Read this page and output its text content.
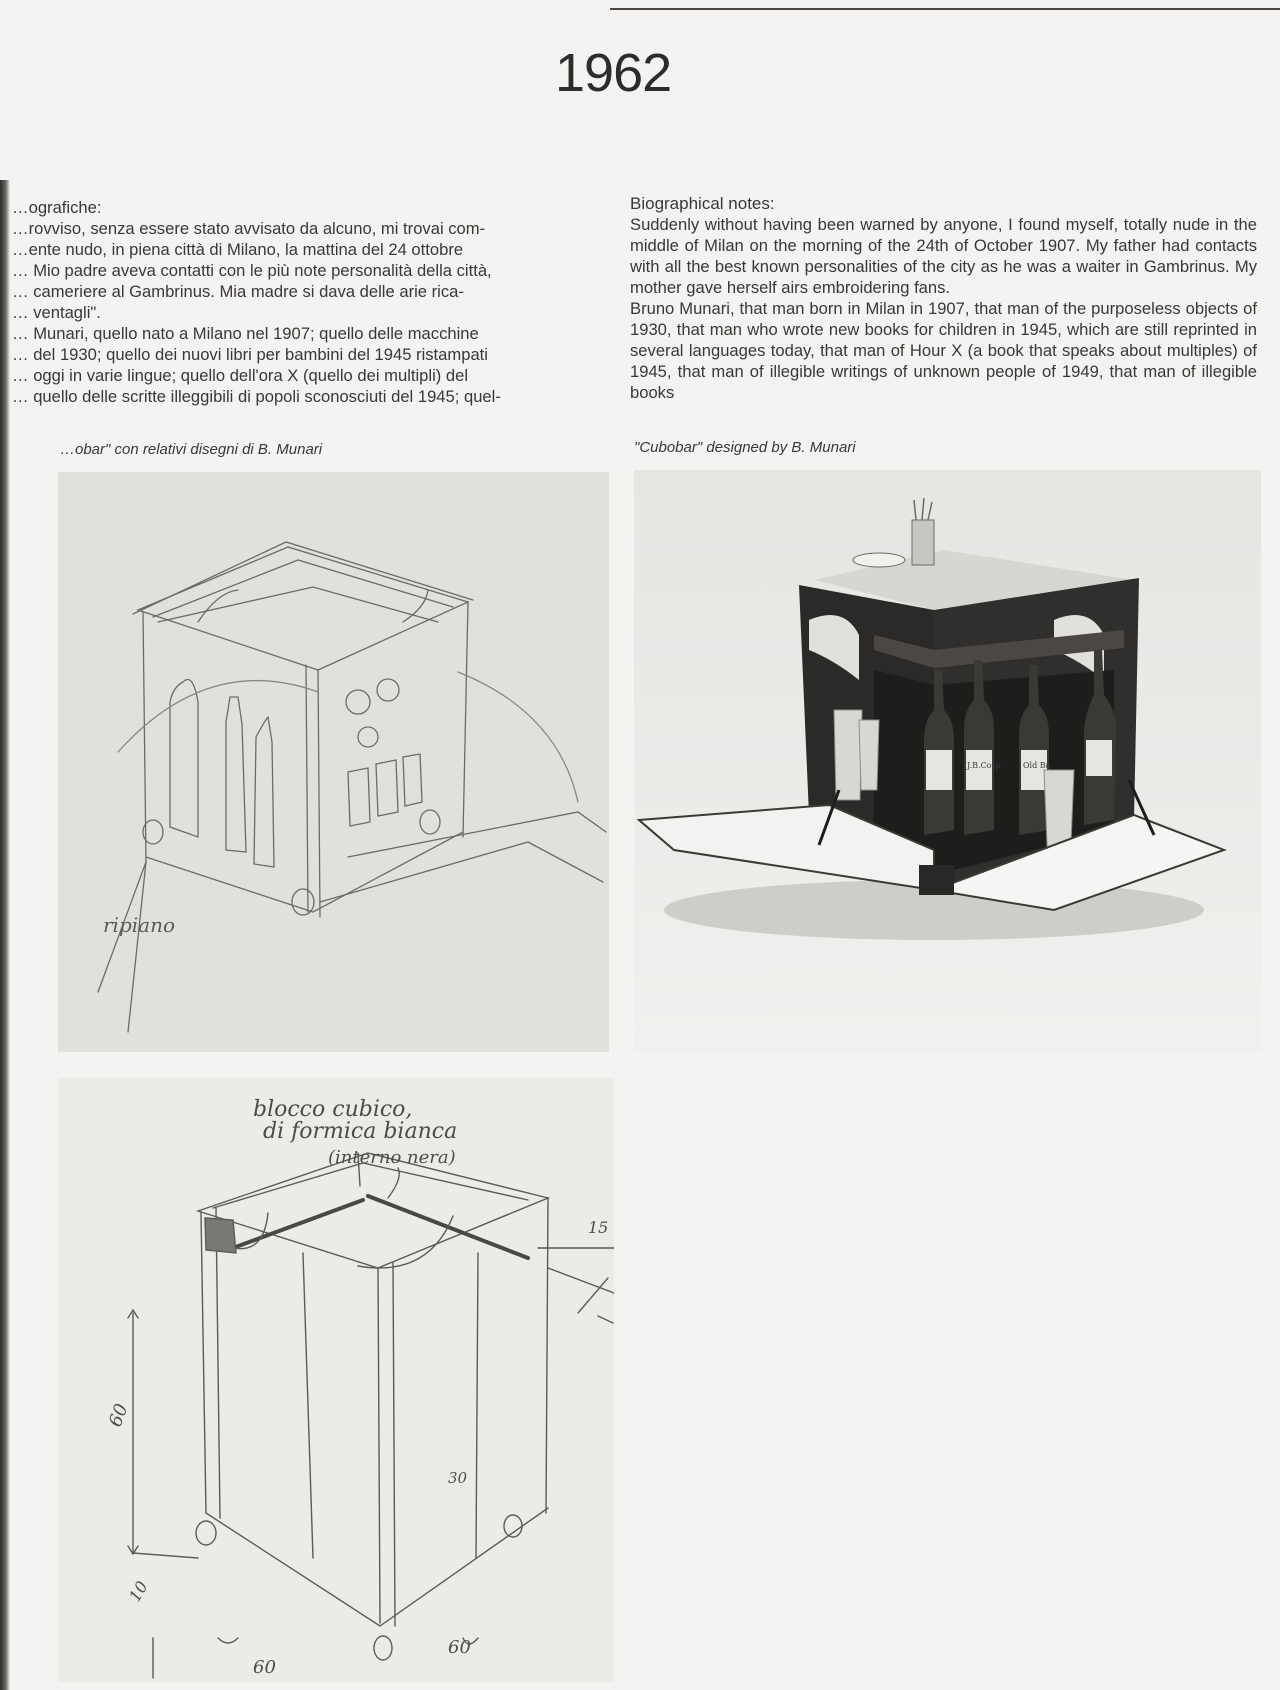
1962

…ografiche:

…rovviso, senza essere stato avvisato da alcuno, mi trovai com-

…ente nudo, in piena città di Milano, la mattina del 24 ottobre

… Mio padre aveva contatti con le più note personalità della città,

… cameriere al Gambrinus. Mia madre si dava delle arie rica-

… ventagli".

… Munari, quello nato a Milano nel 1907; quello delle macchine

… del 1930; quello dei nuovi libri per bambini del 1945 ristampati

… oggi in varie lingue; quello dell'ora X (quello dei multipli) del

… quello delle scritte illeggibili di popoli sconosciuti del 1945; quel-

…obar" con relativi disegni di B. Munari

Biographical notes:

Suddenly without having been warned by anyone, I found myself, totally nude in the middle of Milan on the morning of the 24th of October 1907. My father had contacts with all the best known personalities of the city as he was a waiter in Gambrinus. My mother gave herself airs embroidering fans.

Bruno Munari, that man born in Milan in 1907, that man of the purposeless objects of 1930, that man who wrote new books for children in 1945, which are still reprinted in several languages today, that man of Hour X (a book that speaks about multiples) of 1945, that man of illegible writings of unknown people of 1949, that man of illegible books

"Cubobar" designed by B. Munari
ripiano
J.B.Cosp. Old Ba
blocco cubico,
di formica bianca
(interno nera)
60
10
60
60
30
15
